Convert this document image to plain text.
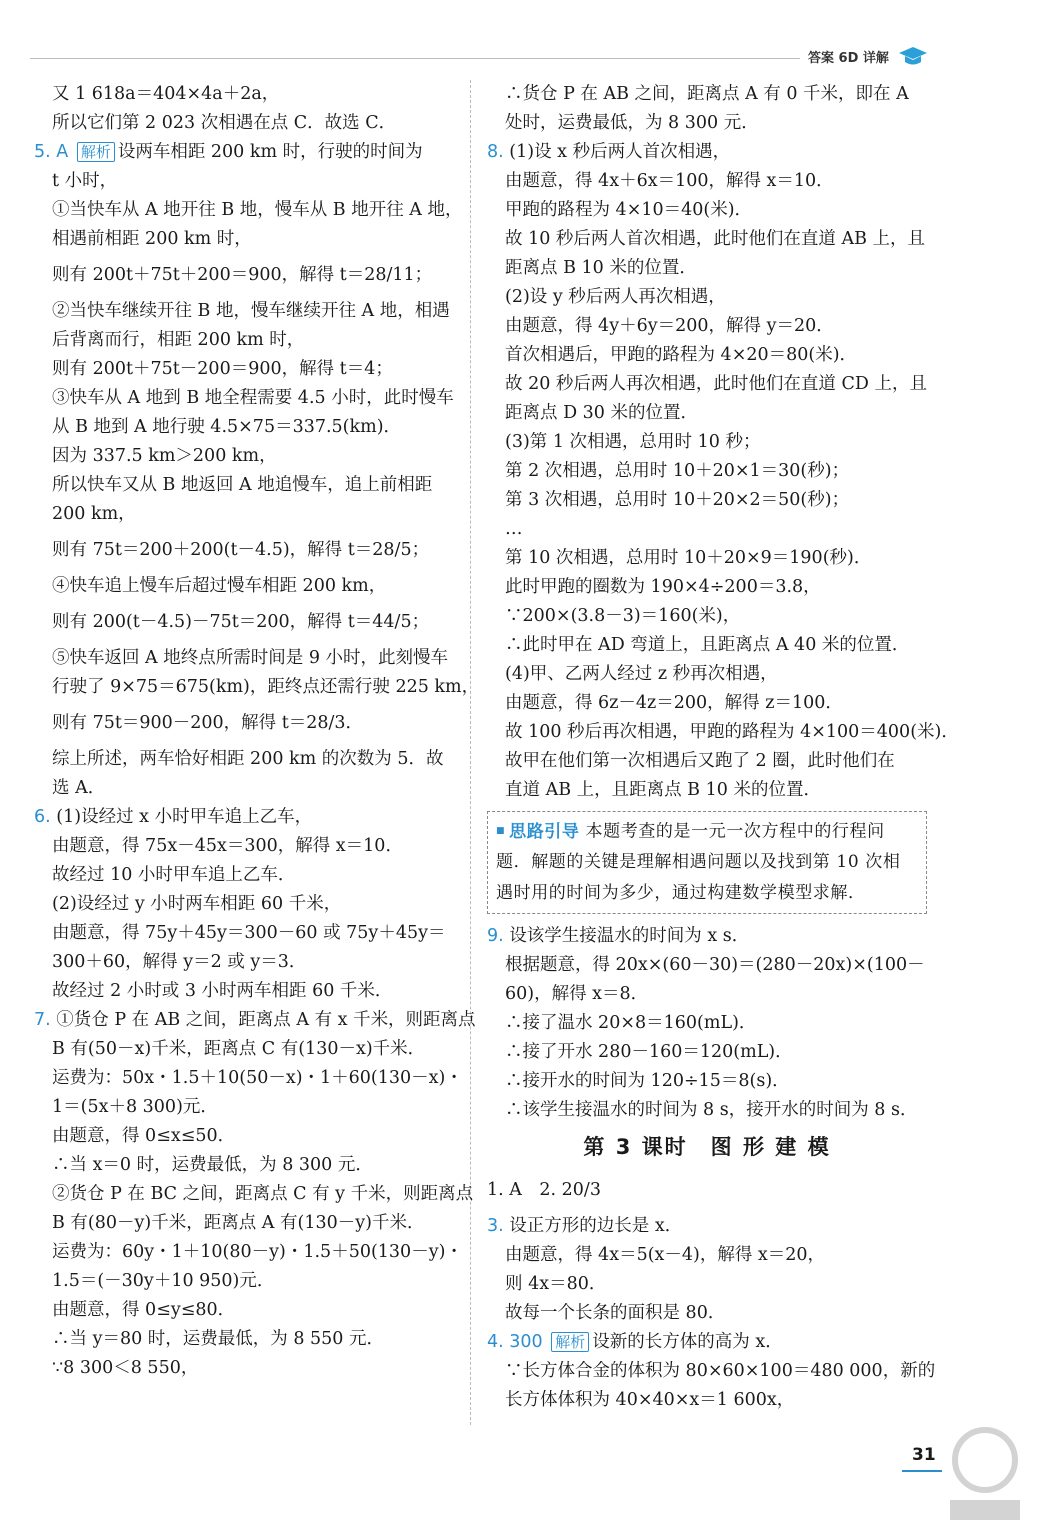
答案 6D 详解
又 1 618a＝404×4a＋2a，
所以它们第 2 023 次相遇在点 C．故选 C．
5. A 解析 设两车相距 200 km 时，行驶的时间为
t 小时，
①当快车从 A 地开往 B 地，慢车从 B 地开往 A 地，
相遇前相距 200 km 时，
则有 200t＋75t＋200＝900，解得 t＝28/11；
②当快车继续开往 B 地，慢车继续开往 A 地，相遇
后背离而行，相距 200 km 时，
则有 200t＋75t－200＝900，解得 t＝4；
③快车从 A 地到 B 地全程需要 4.5 小时，此时慢车
从 B 地到 A 地行驶 4.5×75＝337.5(km)．
因为 337.5 km＞200 km，
所以快车又从 B 地返回 A 地追慢车，追上前相距
200 km，
则有 75t＝200＋200(t－4.5)，解得 t＝28/5；
④快车追上慢车后超过慢车相距 200 km，
则有 200(t－4.5)－75t＝200，解得 t＝44/5；
⑤快车返回 A 地终点所需时间是 9 小时，此刻慢车
行驶了 9×75＝675(km)，距终点还需行驶 225 km，
则有 75t＝900－200，解得 t＝28/3．
综上所述，两车恰好相距 200 km 的次数为 5．故
选 A．
6. (1)设经过 x 小时甲车追上乙车，
由题意，得 75x－45x＝300，解得 x＝10．
故经过 10 小时甲车追上乙车．
(2)设经过 y 小时两车相距 60 千米，
由题意，得 75y＋45y＝300－60 或 75y＋45y＝
300＋60，解得 y＝2 或 y＝3．
故经过 2 小时或 3 小时两车相距 60 千米．
7. ①货仓 P 在 AB 之间，距离点 A 有 x 千米，则距离点
B 有(50－x)千米，距离点 C 有(130－x)千米．
运费为：50x・1.5＋10(50－x)・1＋60(130－x)・
1＝(5x＋8 300)元．
由题意，得 0≤x≤50．
∴当 x＝0 时，运费最低，为 8 300 元．
②货仓 P 在 BC 之间，距离点 C 有 y 千米，则距离点
B 有(80－y)千米，距离点 A 有(130－y)千米．
运费为：60y・1＋10(80－y)・1.5＋50(130－y)・
1.5＝(－30y＋10 950)元．
由题意，得 0≤y≤80．
∴当 y＝80 时，运费最低，为 8 550 元．
∵8 300＜8 550，
∴货仓 P 在 AB 之间，距离点 A 有 0 千米，即在 A
处时，运费最低，为 8 300 元．
8. (1)设 x 秒后两人首次相遇，
由题意，得 4x＋6x＝100，解得 x＝10．
甲跑的路程为 4×10＝40(米)．
故 10 秒后两人首次相遇，此时他们在直道 AB 上，且
距离点 B 10 米的位置．
(2)设 y 秒后两人再次相遇，
由题意，得 4y＋6y＝200，解得 y＝20．
首次相遇后，甲跑的路程为 4×20＝80(米)．
故 20 秒后两人再次相遇，此时他们在直道 CD 上，且
距离点 D 30 米的位置．
(3)第 1 次相遇，总用时 10 秒；
第 2 次相遇，总用时 10＋20×1＝30(秒)；
第 3 次相遇，总用时 10＋20×2＝50(秒)；
…
第 10 次相遇，总用时 10＋20×9＝190(秒)．
此时甲跑的圈数为 190×4÷200＝3.8，
∵200×(3.8－3)＝160(米)，
∴此时甲在 AD 弯道上，且距离点 A 40 米的位置．
(4)甲、乙两人经过 z 秒再次相遇，
由题意，得 6z－4z＝200，解得 z＝100．
故 100 秒后再次相遇，甲跑的路程为 4×100＝400(米)．
故甲在他们第一次相遇后又跑了 2 圈，此时他们在
直道 AB 上，且距离点 B 10 米的位置．
■ 思路引导 本题考查的是一元一次方程中的行程问
题．解题的关键是理解相遇问题以及找到第 10 次相
遇时用的时间为多少，通过构建数学模型求解．
9. 设该学生接温水的时间为 x s．
根据题意，得 20x×(60－30)＝(280－20x)×(100－
60)，解得 x＝8．
∴接了温水 20×8＝160(mL)．
∴接了开水 280－160＝120(mL)．
∴接开水的时间为 120÷15＝8(s)．
∴该学生接温水的时间为 8 s，接开水的时间为 8 s．
第 3 课时　图 形 建 模
1. A　2. 20/3
3. 设正方形的边长是 x．
由题意，得 4x＝5(x－4)，解得 x＝20，
则 4x＝80．
故每一个长条的面积是 80．
4. 300 解析 设新的长方体的高为 x．
∵长方体合金的体积为 80×60×100＝480 000，新的
长方体体积为 40×40×x＝1 600x，
31
